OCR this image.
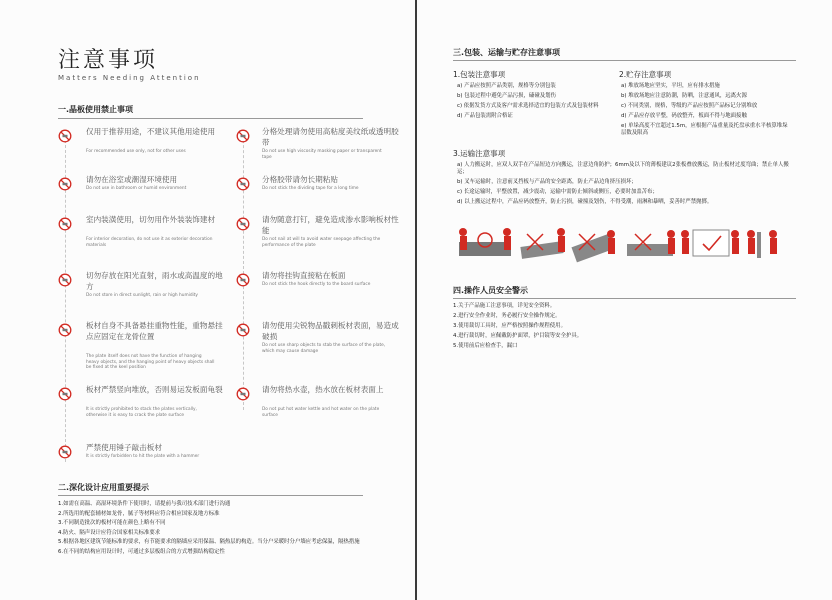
注意事项
Matters Needing Attention
一.晶板使用禁止事项
仅用于推荐用途，不建议其他用途使用
For recommended use only, not for other uses
分格处理请勿使用高粘度美纹纸或透明胶带
Do not use high viscosity masking paper or transparent tape
请勿在浴室或潮湿环境使用
Do not use in bathroom or humid environment
分格胶带请勿长期粘贴
Do not stick the dividing tape for a long time
室内装潢使用，切勿用作外装装饰建材
For interior decoration, do not use it as exterior decoration materials
请勿随意打钉，避免造成渗水影响板材性能
Do not nail at will to avoid water seepage affecting the performance of the plate
切勿存放在阳光直射，雨水或高温度的地方
Do not store in direct sunlight, rain or high humidity
请勿将挂钩直接粘在板面
Do not stick the hook directly to the board surface
板材自身不具备悬挂重物性能，重物悬挂点应固定在龙骨位置
The plate itself does not have the function of hanging heavy objects, and the hanging point of heavy objects shall be fixed at the keel position
请勿使用尖锐物品戳刺板材表面，易造成破损
Do not use sharp objects to stab the surface of the plate, which may cause damage
板材严禁竖向堆放，否则易运发板面龟裂
It is strictly prohibited to stack the plates vertically, otherwise it is easy to crack the plate surface
请勿将热水壶，热水放在板材表面上
Do not put hot water kettle and hot water on the plate surface
严禁使用锤子敲击板材
It is strictly forbidden to hit the plate with a hammer
二.深化设计应用重要提示
1.如需在高温、高湿环境条件下使用时，请提前与我司技术部门进行沟通
2.所选用的配套辅材如龙骨，腻子等材料应符合相应国家及地方标准
3.不同制造批次的板材可能在颜色上略有不同
4.防火、隔声设计应符合国家相关标准要求
5.根据各地区建筑节能标准的要求，有节能要求的隔墙应采用保温、隔热层的构造。当分户采暖时分户墙应考虑保温，隔热措施
6.在不同的结构应用设计时，可通过多层板组合的方式增强结构稳定性
三.包装、运输与贮存注意事项
1.包装注意事项
a) 产品应按照产品类别，规格等分别包装
b) 包装过程中避免产品污损，磕碰及划伤
c) 依据发货方式及客户需求选择适宜的包装方式及包装材料
d) 产品包装需附合格证
2.贮存注意事项
a) 堆放场地应坚实，平坦，应有排水措施
b) 堆放场地应注意防潮，防晒，注意通风，远离火源
c) 不同类别，规格，等级的产品应按照产品标记分别堆放
d) 产品应存放平整，码放整齐，板面不得与地面接触
e) 单垛高度不宜超过1.5m，应根据产品重量及托盘承重水平核算堆垛层数及限高
3.运输注意事项
a) 人力搬运时，应双人双手在产品短边方向搬运，注意边角防护；6mm及以下的薄板建议2张板叠放搬运，防止板材过度弯曲；禁止单人搬运；
b) 叉车运输时，注意前叉挡板与产品的安全距离，防止产品边角挤压损坏；
c) 长途运输时，平整放置，减少震动，运输中需防止倾斜或侧压，必要时加盖苫布；
d) 以上搬运过程中，产品应码放整齐，防止污损，碰撞及划伤，不得受潮，雨淋和暴晒，妥善时严禁抛掷。
四.操作人员安全警示
1.关于产品施工注意事项，详见安全资料。
2.进行安全作业时，务必履行安全操作规定。
3.使用裁切工具时，应严格按照操作规程使用。
4.进行裁切时，应佩戴防护面罩，护目镜等安全护具。
5.使用前后应检查手，漏口
